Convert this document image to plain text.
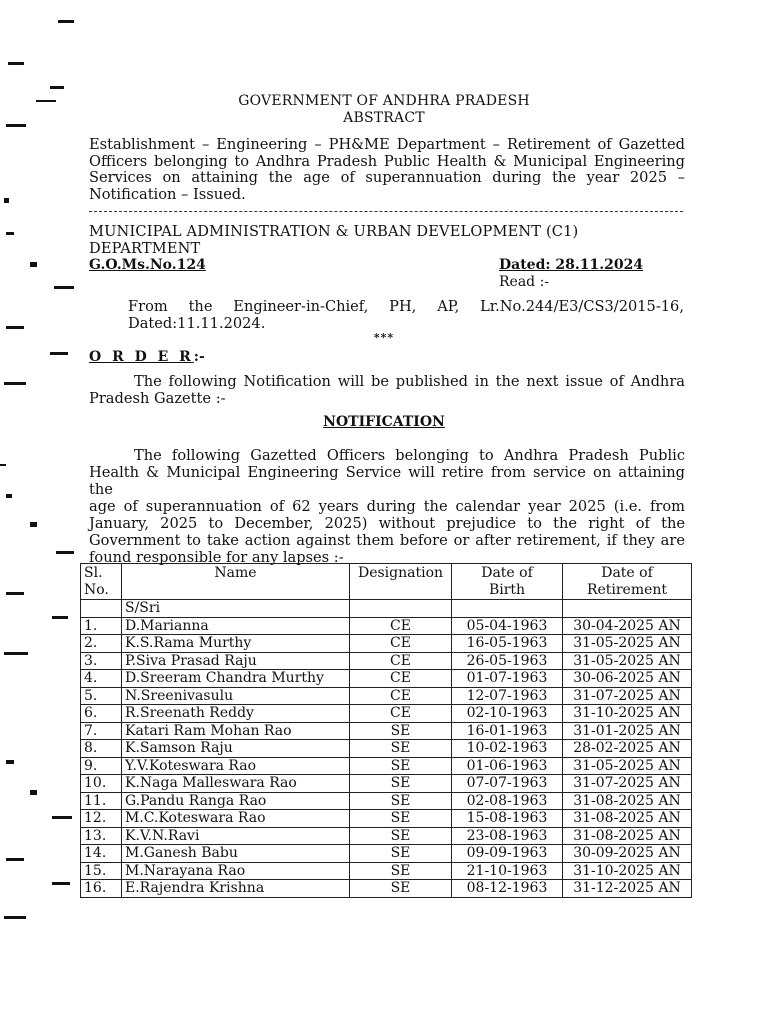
GOVERNMENT OF ANDHRA PRADESH
ABSTRACT
Establishment – Engineering – PH&ME Department – Retirement of Gazetted
Officers belonging to Andhra Pradesh Public Health & Municipal Engineering
Services on attaining the age of superannuation during the year 2025 –
Notification – Issued.
MUNICIPAL ADMINISTRATION & URBAN DEVELOPMENT (C1) DEPARTMENT
G.O.Ms.No.124	Dated: 28.11.2024
Read :-
From the Engineer-in-Chief, PH, AP, Lr.No.244/E3/CS3/2015-16,
Dated:11.11.2024.
***
O R D E R:-
The following Notification will be published in the next issue of Andhra
Pradesh Gazette :-
NOTIFICATION
The following Gazetted Officers belonging to Andhra Pradesh Public
Health & Municipal Engineering Service will retire from service on attaining the
age of superannuation of 62 years during the calendar year 2025 (i.e. from
January, 2025 to December, 2025) without prejudice to the right of the
Government to take action against them before or after retirement, if they are
found responsible for any lapses :-
Sl.
No.	Name	Designation	Date of
Birth	Date of
Retirement
	S/Sri			
1.	D.Marianna	CE	05-04-1963	30-04-2025 AN
2.	K.S.Rama Murthy	CE	16-05-1963	31-05-2025 AN
3.	P.Siva Prasad Raju	CE	26-05-1963	31-05-2025 AN
4.	D.Sreeram Chandra Murthy	CE	01-07-1963	30-06-2025 AN
5.	N.Sreenivasulu	CE	12-07-1963	31-07-2025 AN
6.	R.Sreenath Reddy	CE	02-10-1963	31-10-2025 AN
7.	Katari Ram Mohan Rao	SE	16-01-1963	31-01-2025 AN
8.	K.Samson Raju	SE	10-02-1963	28-02-2025 AN
9.	Y.V.Koteswara Rao	SE	01-06-1963	31-05-2025 AN
10.	K.Naga Malleswara Rao	SE	07-07-1963	31-07-2025 AN
11.	G.Pandu Ranga Rao	SE	02-08-1963	31-08-2025 AN
12.	M.C.Koteswara Rao	SE	15-08-1963	31-08-2025 AN
13.	K.V.N.Ravi	SE	23-08-1963	31-08-2025 AN
14.	M.Ganesh Babu	SE	09-09-1963	30-09-2025 AN
15.	M.Narayana Rao	SE	21-10-1963	31-10-2025 AN
16.	E.Rajendra Krishna	SE	08-12-1963	31-12-2025 AN
